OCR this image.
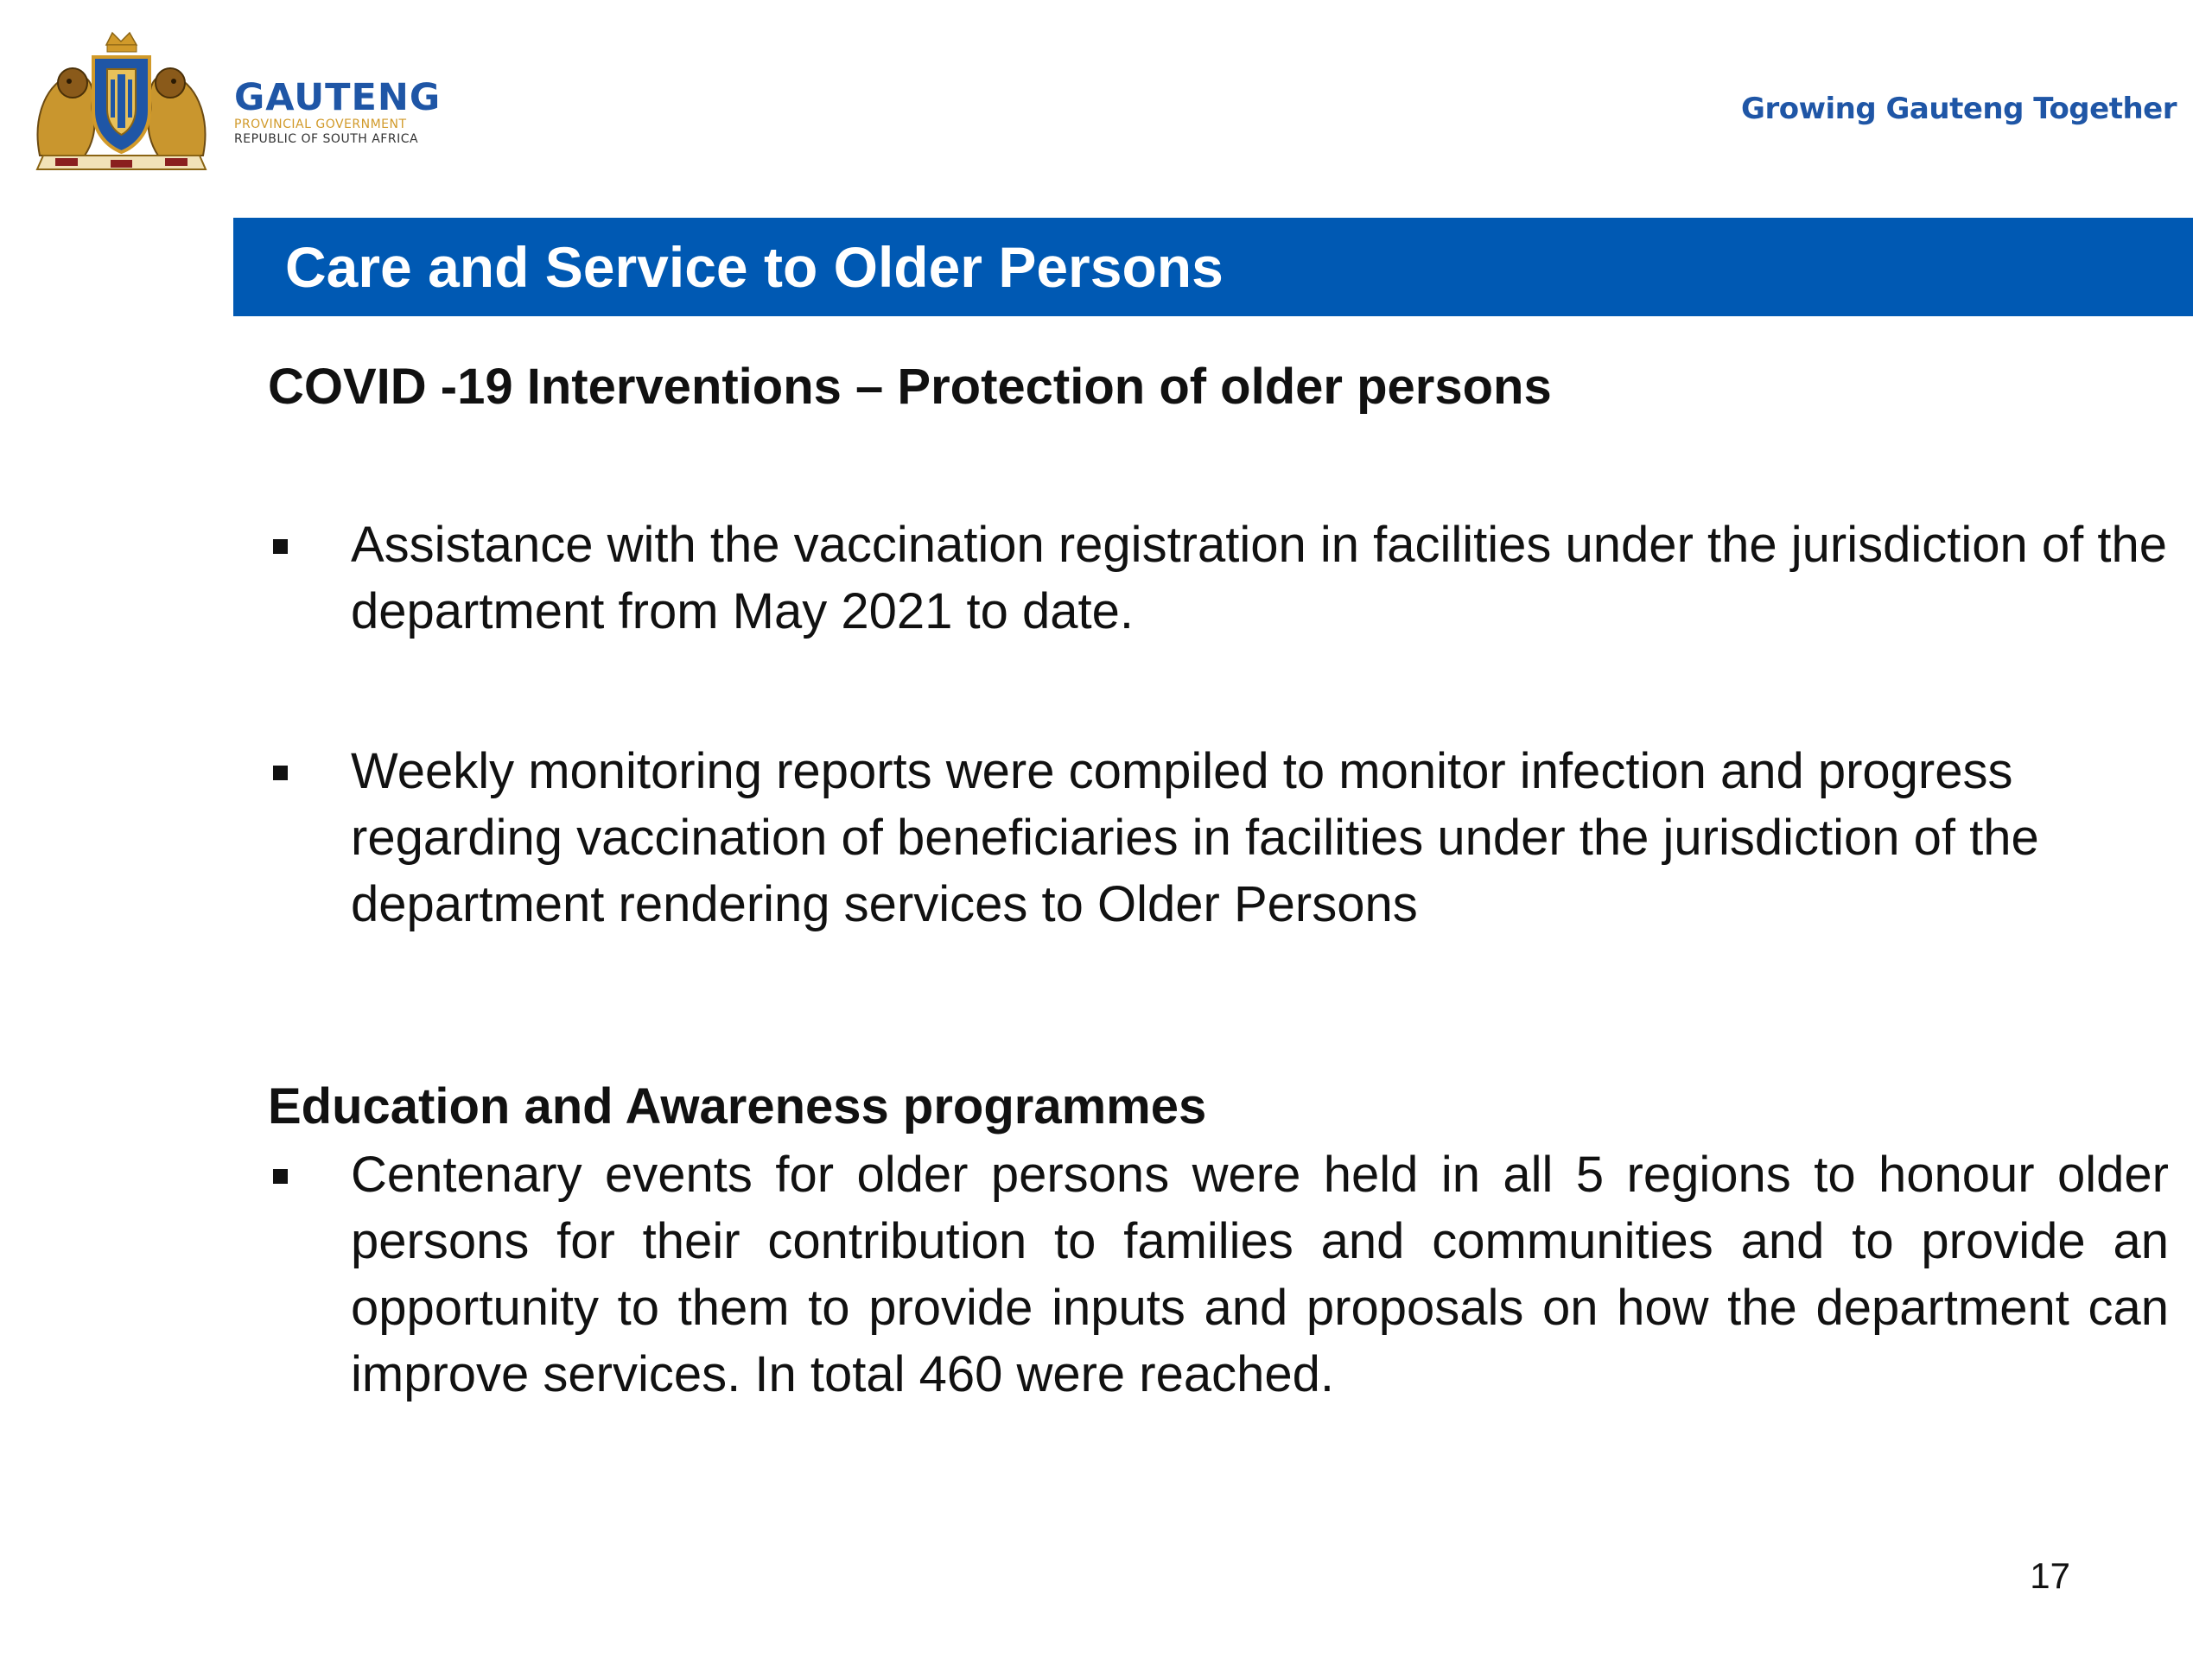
GAUTENG
PROVINCIAL GOVERNMENT
REPUBLIC OF SOUTH AFRICA
Growing Gauteng Together
Care and Service to Older Persons
COVID -19 Interventions – Protection of older persons
Assistance with the vaccination registration in facilities under the jurisdiction of the department from May 2021 to date.
Weekly monitoring reports were compiled to monitor infection and progress regarding vaccination of beneficiaries in facilities under the jurisdiction of the department rendering services to Older Persons
Education and Awareness programmes
Centenary events for older persons were held in all 5 regions to honour older persons for their contribution to families and communities and to provide an opportunity to them to provide inputs and proposals on how the department can improve services. In total 460 were reached.
17
